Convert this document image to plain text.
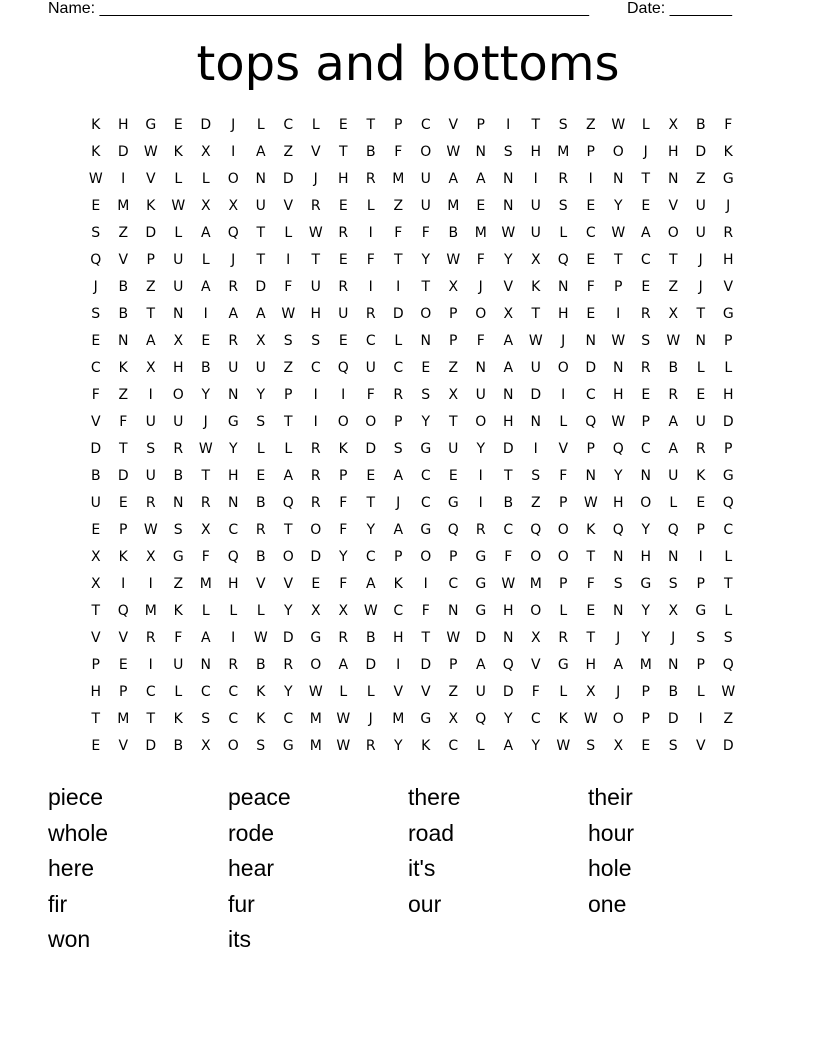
Name: _______________________________________________________ Date: _______
tops and bottoms
K	H	G	E	D	J	L	C	L	E	T	P	C	V	P	I	T	S	Z	W	L	X	B	F
K	D	W	K	X	I	A	Z	V	T	B	F	O	W	N	S	H	M	P	O	J	H	D	K
W	I	V	L	L	O	N	D	J	H	R	M	U	A	A	N	I	R	I	N	T	N	Z	G
E	M	K	W	X	X	U	V	R	E	L	Z	U	M	E	N	U	S	E	Y	E	V	U	J
S	Z	D	L	A	Q	T	L	W	R	I	F	F	B	M	W	U	L	C	W	A	O	U	R
Q	V	P	U	L	J	T	I	T	E	F	T	Y	W	F	Y	X	Q	E	T	C	T	J	H
J	B	Z	U	A	R	D	F	U	R	I	I	T	X	J	V	K	N	F	P	E	Z	J	V
S	B	T	N	I	A	A	W	H	U	R	D	O	P	O	X	T	H	E	I	R	X	T	G
E	N	A	X	E	R	X	S	S	E	C	L	N	P	F	A	W	J	N	W	S	W	N	P
C	K	X	H	B	U	U	Z	C	Q	U	C	E	Z	N	A	U	O	D	N	R	B	L	L
F	Z	I	O	Y	N	Y	P	I	I	F	R	S	X	U	N	D	I	C	H	E	R	E	H
V	F	U	U	J	G	S	T	I	O	O	P	Y	T	O	H	N	L	Q	W	P	A	U	D
D	T	S	R	W	Y	L	L	R	K	D	S	G	U	Y	D	I	V	P	Q	C	A	R	P
B	D	U	B	T	H	E	A	R	P	E	A	C	E	I	T	S	F	N	Y	N	U	K	G
U	E	R	N	R	N	B	Q	R	F	T	J	C	G	I	B	Z	P	W	H	O	L	E	Q
E	P	W	S	X	C	R	T	O	F	Y	A	G	Q	R	C	Q	O	K	Q	Y	Q	P	C
X	K	X	G	F	Q	B	O	D	Y	C	P	O	P	G	F	O	O	T	N	H	N	I	L
X	I	I	Z	M	H	V	V	E	F	A	K	I	C	G	W	M	P	F	S	G	S	P	T
T	Q	M	K	L	L	L	Y	X	X	W	C	F	N	G	H	O	L	E	N	Y	X	G	L
V	V	R	F	A	I	W	D	G	R	B	H	T	W	D	N	X	R	T	J	Y	J	S	S
P	E	I	U	N	R	B	R	O	A	D	I	D	P	A	Q	V	G	H	A	M	N	P	Q
H	P	C	L	C	C	K	Y	W	L	L	V	V	Z	U	D	F	L	X	J	P	B	L	W
T	M	T	K	S	C	K	C	M	W	J	M	G	X	Q	Y	C	K	W	O	P	D	I	Z
E	V	D	B	X	O	S	G	M	W	R	Y	K	C	L	A	Y	W	S	X	E	S	V	D
piece	peace	there	their
whole	rode	road	hour
here	hear	it's	hole
fir	fur	our	one
won	its
